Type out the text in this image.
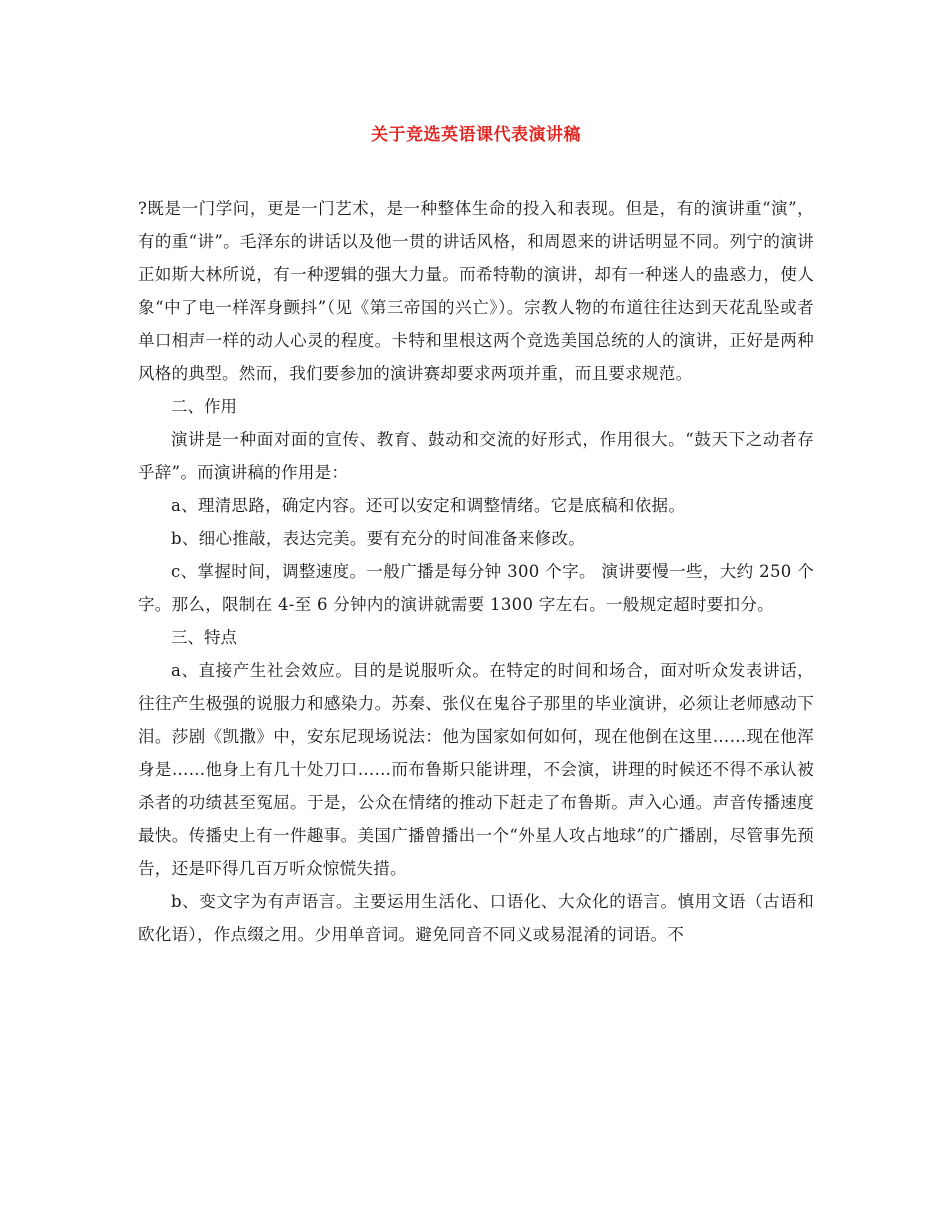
关于竞选英语课代表演讲稿

?既是一门学问，更是一门艺术，是一种整体生命的投入和表现。但是，有的演讲重“演”，有的重“讲”。毛泽东的讲话以及他一贯的讲话风格，和周恩来的讲话明显不同。列宁的演讲正如斯大林所说，有一种逻辑的强大力量。而希特勒的演讲，却有一种迷人的蛊惑力，使人象“中了电一样浑身颤抖”（见《第三帝国的兴亡》）。宗教人物的布道往往达到天花乱坠或者单口相声一样的动人心灵的程度。卡特和里根这两个竞选美国总统的人的演讲，正好是两种风格的典型。然而，我们要参加的演讲赛却要求两项并重，而且要求规范。

二、作用

演讲是一种面对面的宣传、教育、鼓动和交流的好形式，作用很大。“鼓天下之动者存乎辞”。而演讲稿的作用是：

a、理清思路，确定内容。还可以安定和调整情绪。它是底稿和依据。

b、细心推敲，表达完美。要有充分的时间准备来修改。

c、掌握时间，调整速度。一般广播是每分钟 300 个字。 演讲要慢一些，大约 250 个字。那么，限制在 4-至 6 分钟内的演讲就需要 1300 字左右。一般规定超时要扣分。

三、特点

a、直接产生社会效应。目的是说服听众。在特定的时间和场合，面对听众发表讲话，往往产生极强的说服力和感染力。苏秦、张仪在鬼谷子那里的毕业演讲，必须让老师感动下泪。莎剧《凯撒》中，安东尼现场说法：他为国家如何如何，现在他倒在这里……现在他浑身是……他身上有几十处刀口……而布鲁斯只能讲理，不会演，讲理的时候还不得不承认被杀者的功绩甚至冤屈。于是，公众在情绪的推动下赶走了布鲁斯。声入心通。声音传播速度最快。传播史上有一件趣事。美国广播曾播出一个“外星人攻占地球”的广播剧，尽管事先预告，还是吓得几百万听众惊慌失措。

b、变文字为有声语言。主要运用生活化、口语化、大众化的语言。慎用文语（古语和欧化语），作点缀之用。少用单音词。避免同音不同义或易混淆的词语。不
